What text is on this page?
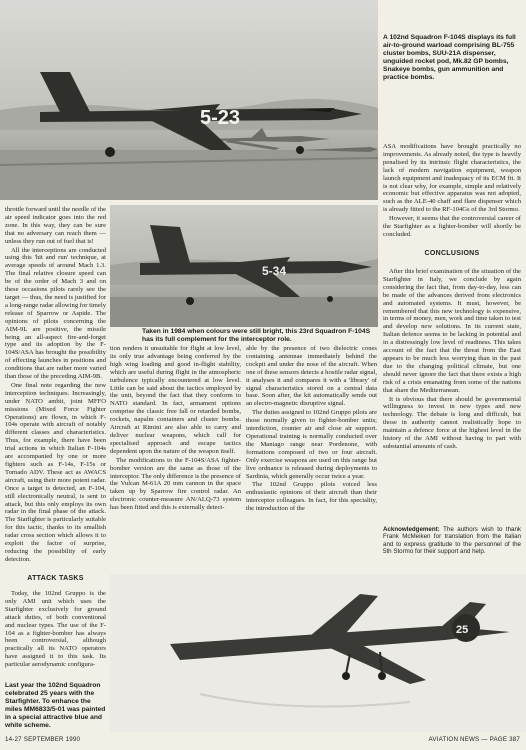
5-23
A 102nd Squadron F-104S displays its full air-to-ground warload comprising BL-755 cluster bombs, SUU-21A dispenser, unguided rocket pod, Mk.82 GP bombs, Snakeye bombs, gun ammunition and practice bombs.

ASA modifications have brought practically no improvements. As already noted, the type is heavily penalised by its intrinsic flight characteristics, the lack of modern navigation equipment, weapon launch equipment and inadequacy of its ECM fit. It is not clear why, for example, simple and relatively economic but effective apparatus was not adopted, such as the ALE-40 chaff and flare dispenser which is already fitted to the RF-104Gs of the 3rd Stormo.

However, it seems that the controversial career of the Starfighter as a fighter-bomber will shortly be concluded.

5-34
Taken in 1984 when colours were still bright, this 23rd Squadron F-104S has its full complement for the interceptor role.

throttle forward until the needle of the air speed indicator goes into the red zone. In this way, they can be sure that no adversary can reach them — unless they run out of fuel that is!

All the interceptions are conducted using this 'hit and run' technique, at average speeds of around Mach 1.3. The final relative closure speed can be of the order of Mach 3 and on these occasions pilots rarely see the target — thus, the need is justified for a long-range radar allowing for timely release of Sparrow or Aspide. The opinions of pilots concerning the AIM-9L are positive, the missile being an all-aspect fire-and-forget type and its adoption by the F-104S/ASA has brought the possibility of effecting launches in positions and conditions that are rather more varied than those of the preceding AIM-9B.

One final note regarding the new interception techniques. Increasingly, under NATO ambit, joint MFFO missions (Mixed Force Fighter Operations) are flown, in which F-104s operate with aircraft of notably different classes and characteristics. Thus, for example, there have been trial actions in which Italian F-104s are accompanied by one or more fighters such as F-14s, F-15s or Tornado ADV. These act as AWACS aircraft, using their more potent radar. Once a target is detected, an F-104, still electronically neutral, is sent to attack, but this only employs its own radar in the final phase of the attack. The Starfighter is particularly suitable for this tactic, thanks to its smallish radar cross section which allows it to exploit the factor of surprise, reducing the possibility of early detection.

ATTACK TASKS

Today, the 102nd Gruppo is the only AMI unit which uses the Starfighter exclusively for ground attack duties, of both conventional and nuclear types. The use of the F-104 as a fighter-bomber has always been controversial, although practically all its NATO operators have assigned it to this task. Its particular aerodynamic configura-

Last year the 102nd Squadron celebrated 25 years with the Starfighter. To enhance the miles MM6833/5-01 was painted in a special attractive blue and white scheme.

tion renders it unsuitable for flight at low level, its only true advantage being conferred by the high wing loading and good in-flight stability, which are useful during flight in the atmospheric turbulence typically encountered at low level. Little can be said about the tactics employed by the unit, beyond the fact that they conform to NATO standard. In fact, armament options comprise the classic free fall or retarded bombs, rockets, napalm containers and cluster bombs. Aircraft at Rimini are also able to carry and deliver nuclear weapons, which call for specialised approach and escape tactics dependent upon the nature of the weapon itself.

The modifications to the F-104S/ASA fighter-bomber version are the same as those of the interceptor. The only difference is the presence of the Vulcan M-61A 20 mm cannon in the space taken up by Sparrow fire control radar. An electronic counter-measure AN/ALQ-73 system has been fitted and this is externally detect-

able by the presence of two dielectric cones containing antennae immediately behind the cockpit and under the nose of the aircraft. When one of these sensors detects a hostile radar signal, it analyses it and compares it with a 'library' of signal characteristics stored on a central data base. Soon after, the kit automatically sends out an electro-magnetic disruptive signal.

The duties assigned to 102nd Gruppo pilots are those normally given to fighter-bomber units; interdiction, counter air and close air support. Operational training is normally conducted over the Maniago range near Pordenone, with formations composed of two or four aircraft. Only exercise weapons are used on this range but live ordnance is released during deployments to Sardinia, which generally occur twice a year.

The 102nd Gruppo pilots voiced less enthusiastic opinions of their aircraft than their interceptor colleagues. In fact, for this speciality, the introduction of the

CONCLUSIONS

After this brief examination of the situation of the Starfighter in Italy, we conclude by again considering the fact that, from day-to-day, less can be made of the advances derived from electronics and automated systems. It must, however, be remembered that this new technology is expensive, in terms of money, men, work and time taken to test and develop new solutions. In its current state, Italian defence seems to be lacking in potential and in a distressingly low level of readiness. This takes account of the fact that the threat from the East appears to be much less worrying than in the past due to the changing political climate, but one should never ignore the fact that there exists a high risk of a crisis emanating from some of the nations that share the Mediterranean.

It is obvious that there should be governmental willingness to invest in new types and new technology. The debate is long and difficult, but those in authority cannot realistically hope to maintain a defence force at the highest level in the history of the AMI without having to part with substantial amounts of cash.

Acknowledgement: The authors wish to thank Frank McMeiken for translation from the Italian and to express gratitude to the personnel of the 5th Stormo for their support and help.
25
14-27 SEPTEMBER 1990	AVIATION NEWS — PAGE 387
